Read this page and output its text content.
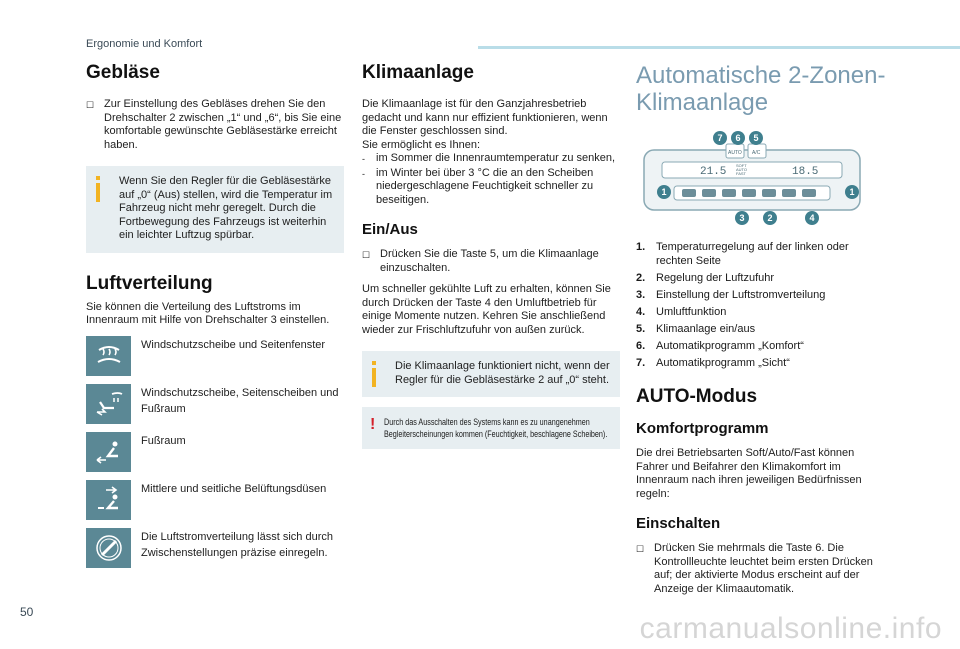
Ergonomie und Komfort
Gebläse
☐ Zur Einstellung des Gebläses drehen Sie den Drehschalter 2 zwischen „1“ und „6“, bis Sie eine komfortable gewünschte Gebläsestärke erreicht haben.

Wenn Sie den Regler für die Gebläsestärke auf „0“ (Aus) stellen, wird die Temperatur im Fahrzeug nicht mehr geregelt. Durch die Fortbewegung des Fahrzeugs ist weiterhin ein leichter Luftzug spürbar.

Luftverteilung

Sie können die Verteilung des Luftstroms im Innenraum mit Hilfe von Drehschalter 3 einstellen.

Windschutzscheibe und Seitenfenster
Windschutzscheibe, Seitenscheiben und Fußraum
Fußraum
Mittlere und seitliche Belüftungsdüsen
Die Luftstromverteilung lässt sich durch Zwischenstellungen präzise einregeln.
Klimaanlage

Die Klimaanlage ist für den Ganzjahresbetrieb gedacht und kann nur effizient funktionieren, wenn die Fenster geschlossen sind.

Sie ermöglicht es Ihnen:

-	im Sommer die Innenraumtemperatur zu senken,
-	im Winter bei über 3 °C die an den Scheiben niedergeschlagene Feuchtigkeit schneller zu beseitigen.
Ein/Aus
☐ Drücken Sie die Taste 5, um die Klimaanlage einzuschalten.

Um schneller gekühlte Luft zu erhalten, können Sie durch Drücken der Taste 4 den Umluftbetrieb für einige Momente nutzen. Kehren Sie anschließend wieder zur Frischluftzufuhr von außen zurück.

Die Klimaanlage funktioniert nicht, wenn der Regler für die Gebläsestärke 2 auf „0“ steht.

! Durch das Ausschalten des Systems kann es zu unangenehmen Begleiterscheinungen kommen (Feuchtigkeit, beschlagene Scheiben).

Automatische 2-Zonen-
Klimaanlage
21.5	18.5
SOFT
AUTO
FAST
AUTO A/C
7 6 5
1
3	2	4
1
1. Temperaturregelung auf der linken oder rechten Seite
2. Regelung der Luftzufuhr
3. Einstellung der Luftstromverteilung
4. Umluftfunktion
5. Klimaanlage ein/aus
6. Automatikprogramm „Komfort“
7. Automatikprogramm „Sicht“
AUTO-Modus
Komfortprogramm

Die drei Betriebsarten Soft/Auto/Fast können Fahrer und Beifahrer den Klimakomfort im Innenraum nach ihren jeweiligen Bedürfnissen regeln:

Einschalten
☐ Drücken Sie mehrmals die Taste 6. Die Kontrollleuchte leuchtet beim ersten Drücken auf; der aktivierte Modus erscheint auf der Anzeige der Klimaautomatik.
50	carmanualsonline.info
